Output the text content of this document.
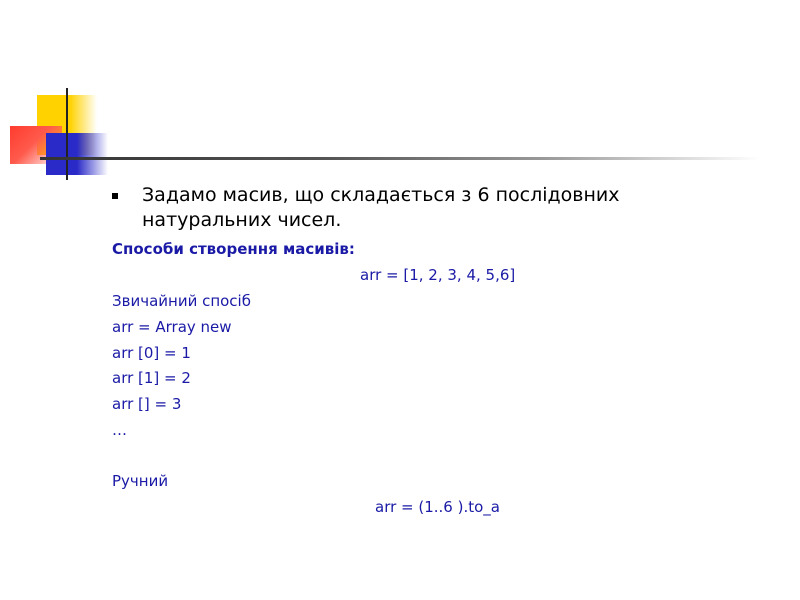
Задамо масив, що складається з 6 послідовних натуральних чисел.
Способи створення масивів:
arr = [1, 2, 3, 4, 5,6]
Звичайний спосіб
arr = Array new
arr [0] = 1
arr [1] = 2
arr [] = 3
…
Ручний
arr = (1..6 ).to_a
